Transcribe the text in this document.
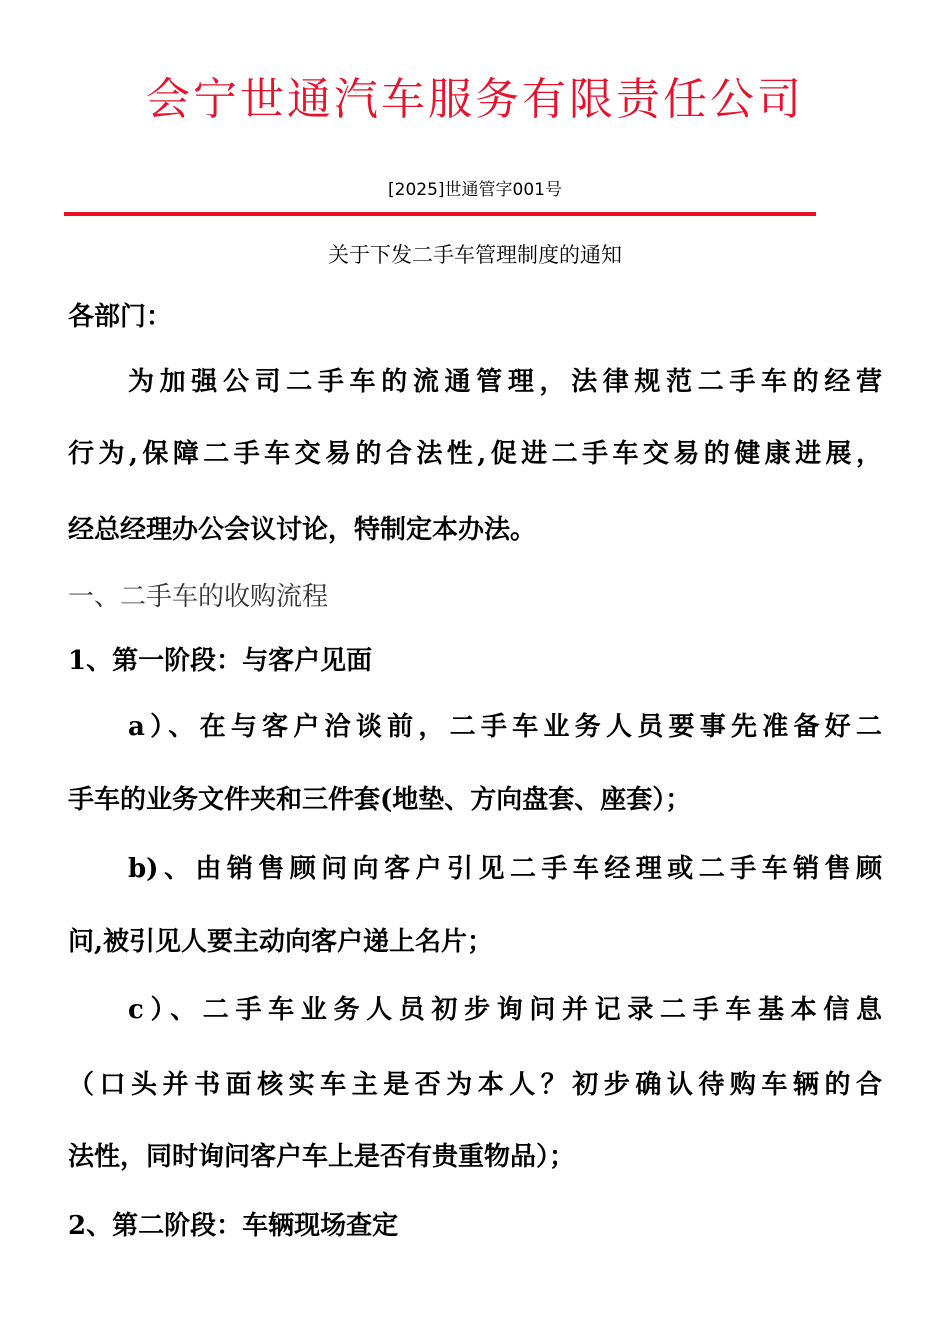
会宁世通汽车服务有限责任公司
[2025]世通管字001号
关于下发二手车管理制度的通知
各部门：
为加强公司二手车的流通管理，法律规范二手车的经营
行为,保障二手车交易的合法性,促进二手车交易的健康进展，
经总经理办公会议讨论，特制定本办法。
一、二手车的收购流程
1、第一阶段：与客户见面
a）、在与客户洽谈前，二手车业务人员要事先准备好二
手车的业务文件夹和三件套(地垫、方向盘套、座套）；
b)、由销售顾问向客户引见二手车经理或二手车销售顾
问,被引见人要主动向客户递上名片；
c）、二手车业务人员初步询问并记录二手车基本信息
（口头并书面核实车主是否为本人？初步确认待购车辆的合
法性，同时询问客户车上是否有贵重物品）；
2、第二阶段：车辆现场查定
